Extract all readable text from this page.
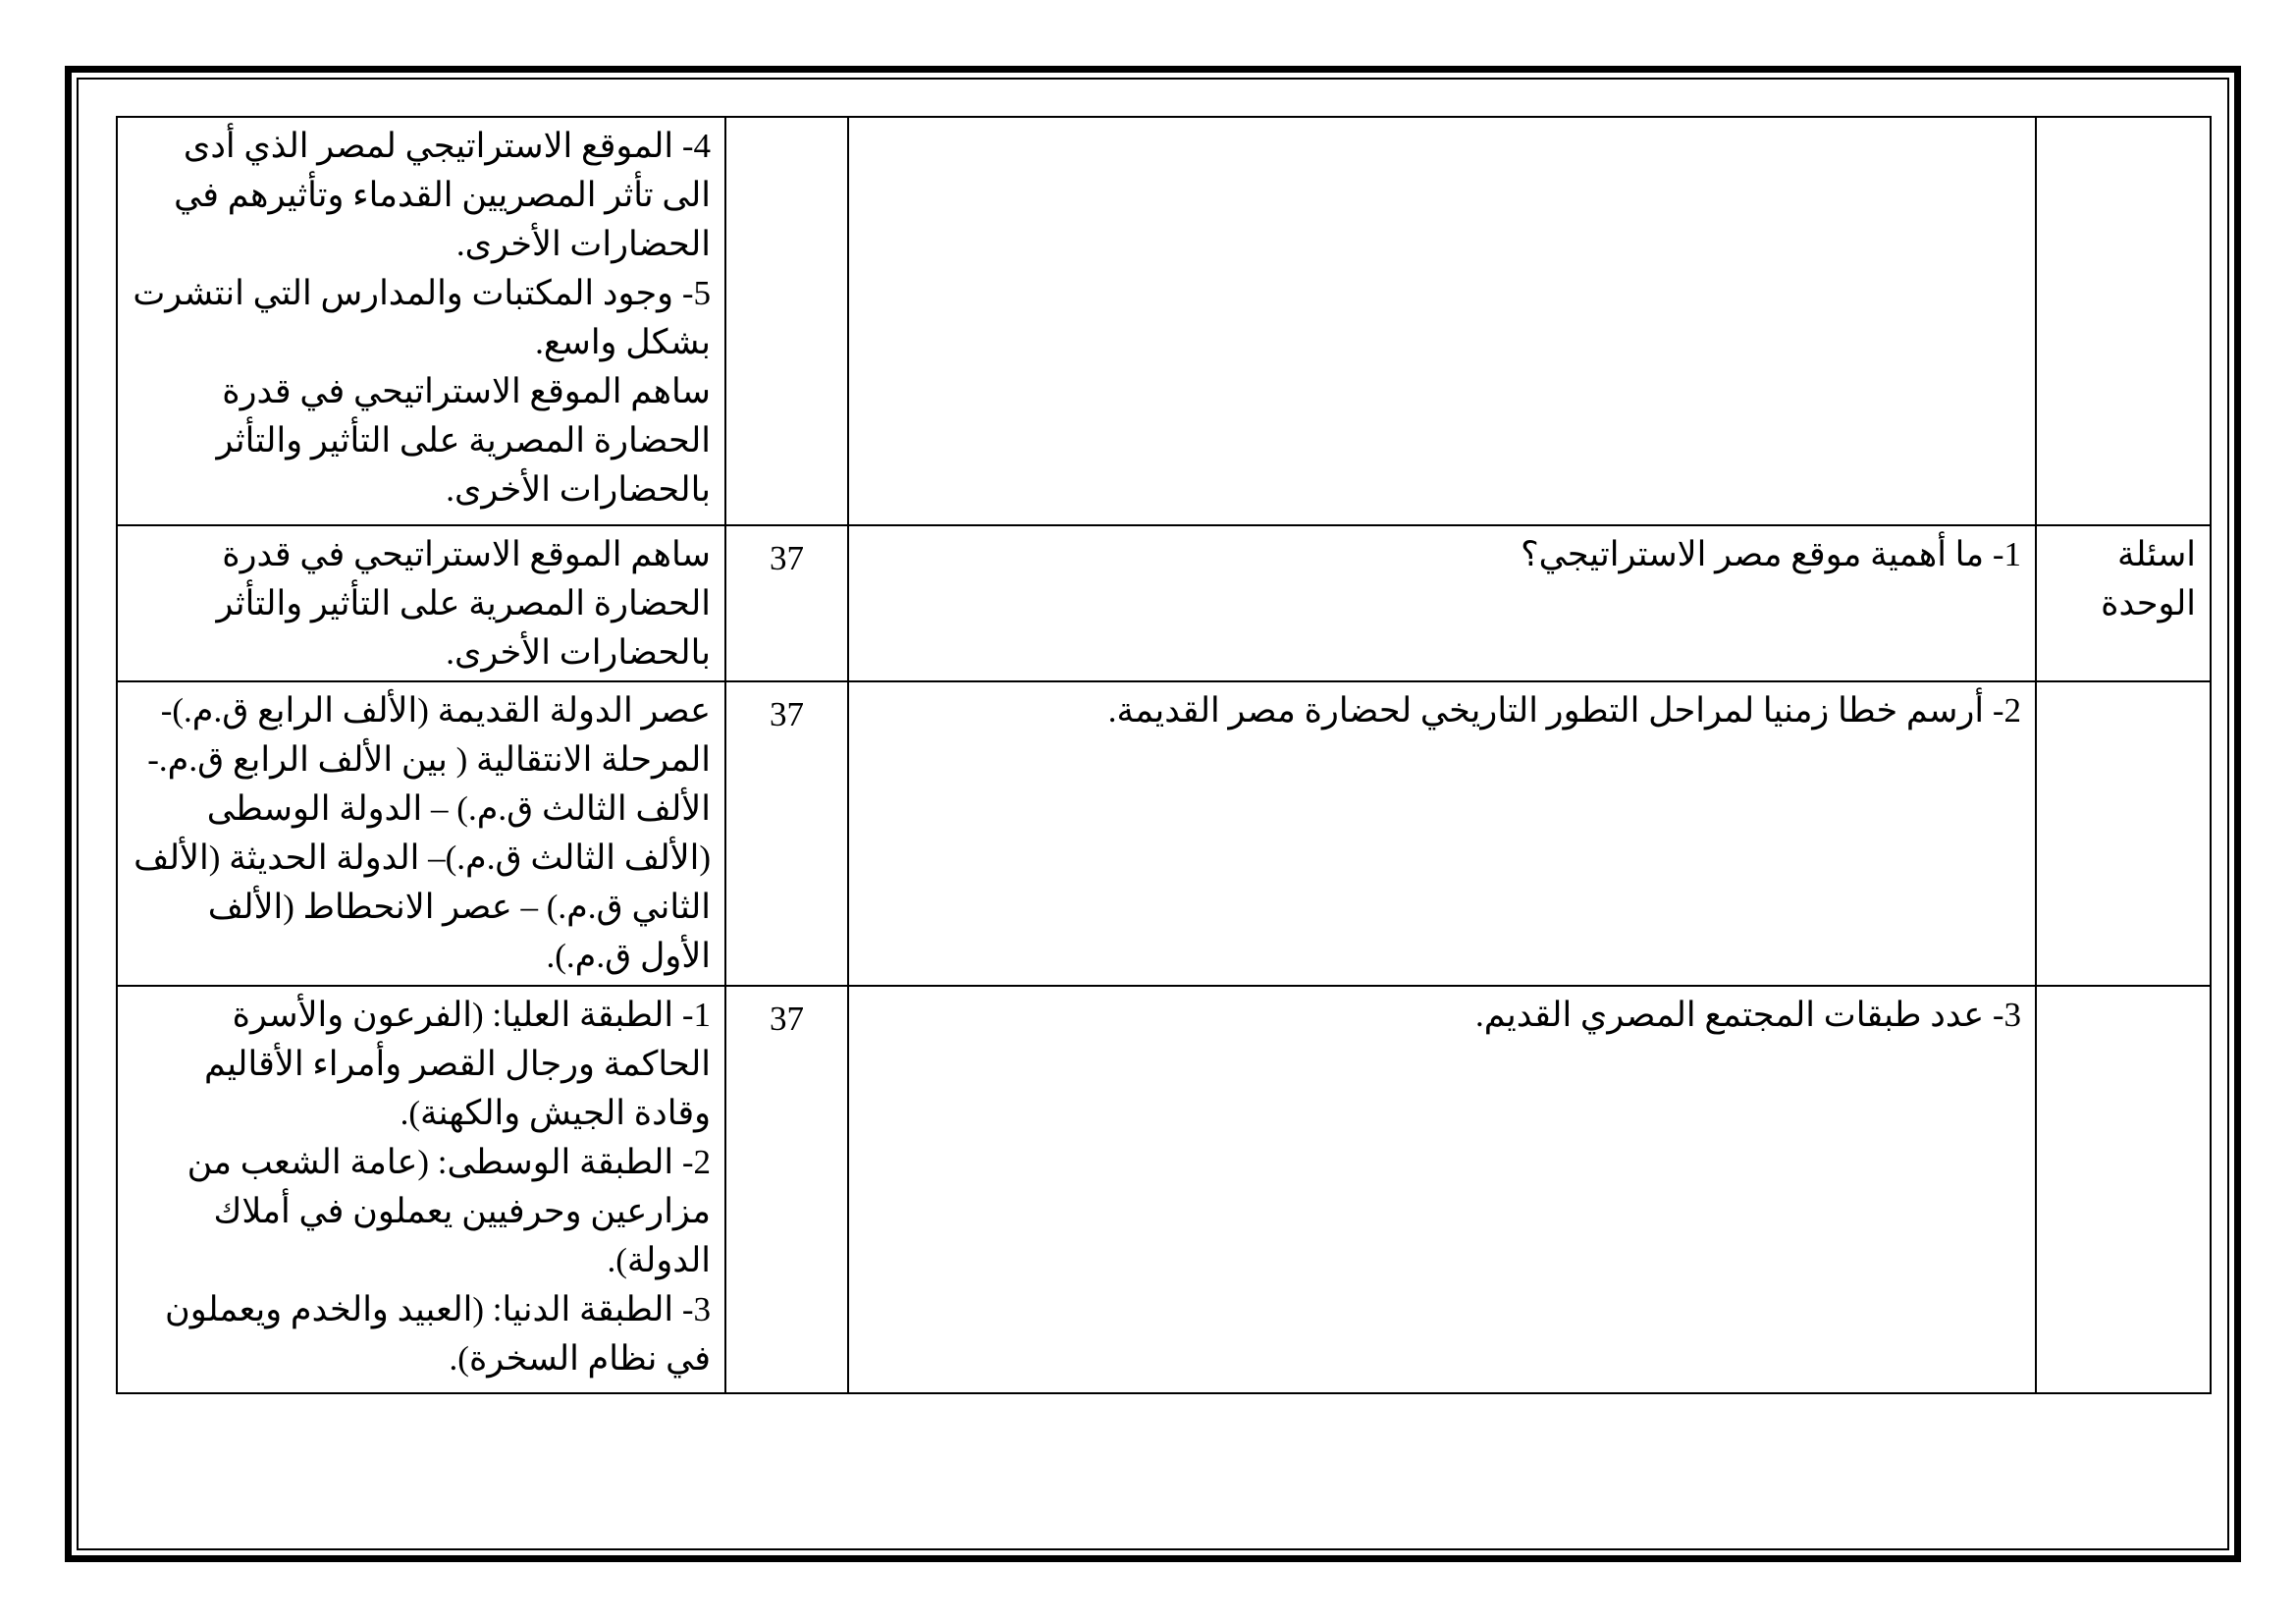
			4- الموقع الاستراتيجي لمصر الذي أدى الى تأثر المصريين القدماء وتأثيرهم في الحضارات الأخرى.
5- وجود المكتبات والمدارس التي انتشرت بشكل واسع.
ساهم الموقع الاستراتيحي في قدرة الحضارة المصرية على التأثير والتأثر بالحضارات الأخرى.
اسئلة الوحدة	1- ما أهمية موقع مصر الاستراتيجي؟	37	ساهم الموقع الاستراتيحي في قدرة الحضارة المصرية على التأثير والتأثر بالحضارات الأخرى.
	2- أرسم خطا زمنيا لمراحل التطور التاريخي لحضارة مصر القديمة.	37	عصر الدولة القديمة (الألف الرابع ق.م.)- المرحلة الانتقالية ( بين الألف الرابع ق.م.- الألف الثالث ق.م.) – الدولة الوسطى (الألف الثالث ق.م.)– الدولة الحديثة (الألف الثاني ق.م.) – عصر الانحطاط (الألف الأول ق.م.).
	3- عدد طبقات المجتمع المصري القديم.	37	1- الطبقة العليا: (الفرعون والأسرة الحاكمة ورجال القصر وأمراء الأقاليم وقادة الجيش والكهنة).
2- الطبقة الوسطى: (عامة الشعب من مزارعين وحرفيين يعملون في أملاك الدولة).
3- الطبقة الدنيا: (العبيد والخدم ويعملون في نظام السخرة).
